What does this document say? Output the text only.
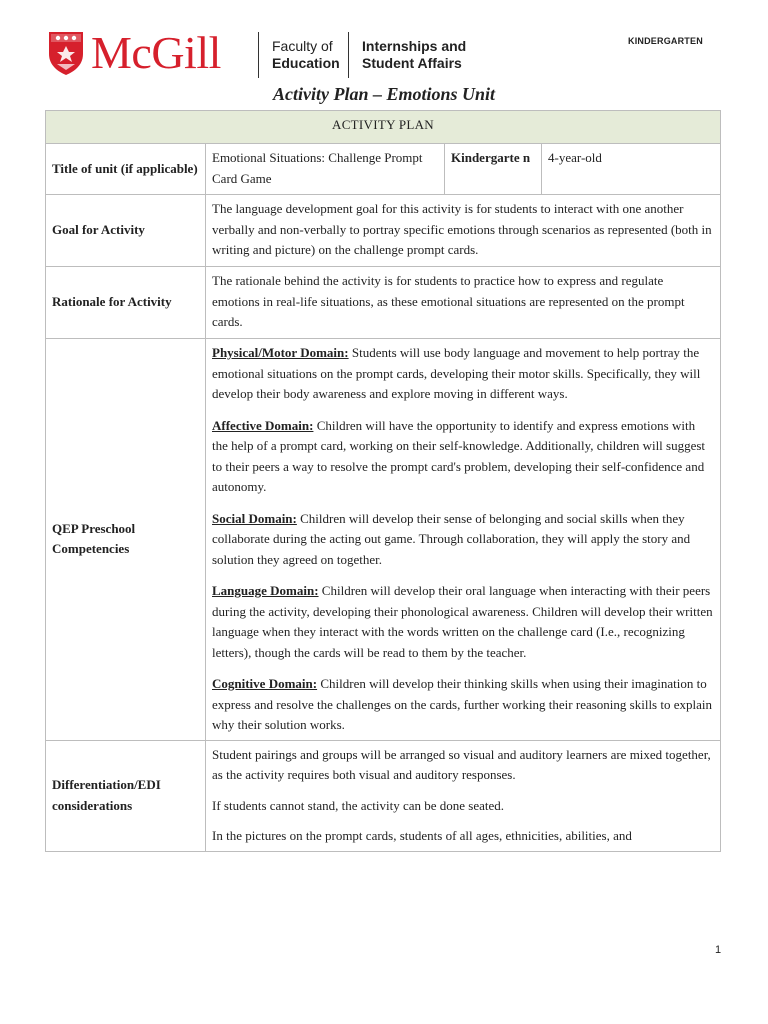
McGill	Faculty of
Education
Internships and
Student Affairs
KINDERGARTEN
Activity Plan – Emotions Unit
ACTIVITY PLAN			
Title of unit (if applicable)	Emotional Situations: Challenge Prompt Card Game	Kindergarte n	4-year-old
Goal for Activity	The language development goal for this activity is for students to interact with one another verbally and non-verbally to portray specific emotions through scenarios as represented (both in writing and picture) on the challenge prompt cards.		
Rationale for Activity	The rationale behind the activity is for students to practice how to express and regulate emotions in real-life situations, as these emotional situations are represented on the prompt cards.		
QEP Preschool Competencies	Physical/Motor Domain: Students will use body language and movement to help portray the emotional situations on the prompt cards, developing their motor skills. Specifically, they will develop their body awareness and explore moving in different ways.

Affective Domain: Children will have the opportunity to identify and express emotions with the help of a prompt card, working on their self-knowledge. Additionally, children will suggest to their peers a way to resolve the prompt card's problem, developing their self-confidence and autonomy.

Social Domain: Children will develop their sense of belonging and social skills when they collaborate during the acting out game. Through collaboration, they will apply the story and solution they agreed on together.

Language Domain: Children will develop their oral language when interacting with their peers during the activity, developing their phonological awareness. Children will develop their written language when they interact with the words written on the challenge card (I.e., recognizing letters), though the cards will be read to them by the teacher.

Cognitive Domain: Children will develop their thinking skills when using their imagination to express and resolve the challenges on the cards, further working their reasoning skills to explain why their solution works.		

Differentiation/EDI considerations	Student pairings and groups will be arranged so visual and auditory learners are mixed together, as the activity requires both visual and auditory responses.

If students cannot stand, the activity can be done seated.

In the pictures on the prompt cards, students of all ages, ethnicities, abilities, and		

1
